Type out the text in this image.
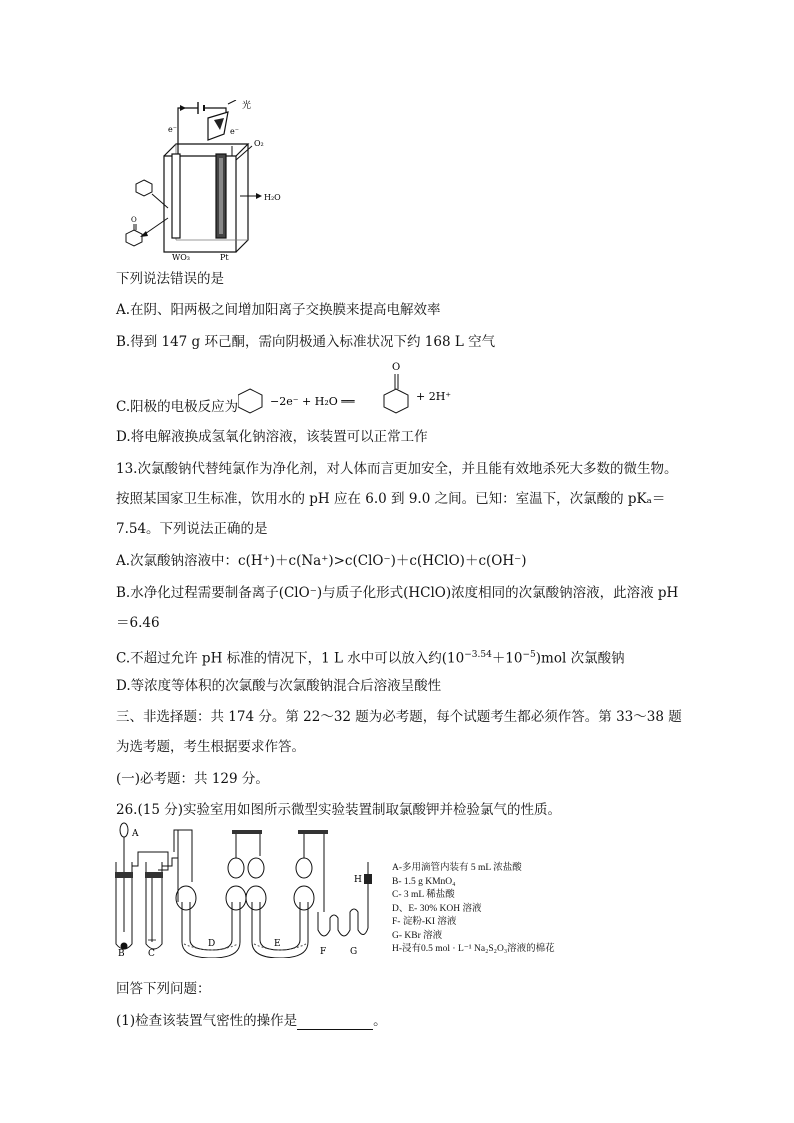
光
e⁻	e⁻
O₂
H₂O
WO₃	Pt
O
下列说法错误的是
A.在阴、阳两极之间增加阳离子交换膜来提高电解效率
B.得到 147 g 环己酮，需向阴极通入标准状况下约 168 L 空气
C.阳极的电极反应为	−2e⁻ + H₂O ══
O
+ 2H⁺
D.将电解液换成氢氧化钠溶液，该装置可以正常工作
13.次氯酸钠代替纯氯作为净化剂，对人体而言更加安全，并且能有效地杀死大多数的微生物。
按照某国家卫生标准，饮用水的 pH 应在 6.0 到 9.0 之间。已知：室温下，次氯酸的 pKₐ＝
7.54。下列说法正确的是
A.次氯酸钠溶液中：c(H⁺)＋c(Na⁺)>c(ClO⁻)＋c(HClO)＋c(OH⁻)
B.水净化过程需要制备离子(ClO⁻)与质子化形式(HClO)浓度相同的次氯酸钠溶液，此溶液 pH
＝6.46
C.不超过允许 pH 标准的情况下，1 L 水中可以放入约$(10^{-3.54}+10^{-5})mol$ 次氯酸钠
D.等浓度等体积的次氯酸与次氯酸钠混合后溶液呈酸性
三、非选择题：共 174 分。第 22～32 题为必考题，每个试题考生都必须作答。第 33～38 题
为选考题，考生根据要求作答。
(一)必考题：共 129 分。
26.(15 分)实验室用如图所示微型实验装置制取氯酸钾并检验氯气的性质。
A
B	C
D	E
F	G
H
A-多用滴管内装有 5 mL 浓盐酸
B- 1.5 g KMnO₄
C- 3 mL 稀盐酸
D、E- 30% KOH 溶液
F- 淀粉-KI 溶液
G- KBr 溶液
H-浸有0.5 mol · L⁻¹ Na₂S₂O₃溶液的棉花
回答下列问题：
(1)检查该装置气密性的操作是	。
